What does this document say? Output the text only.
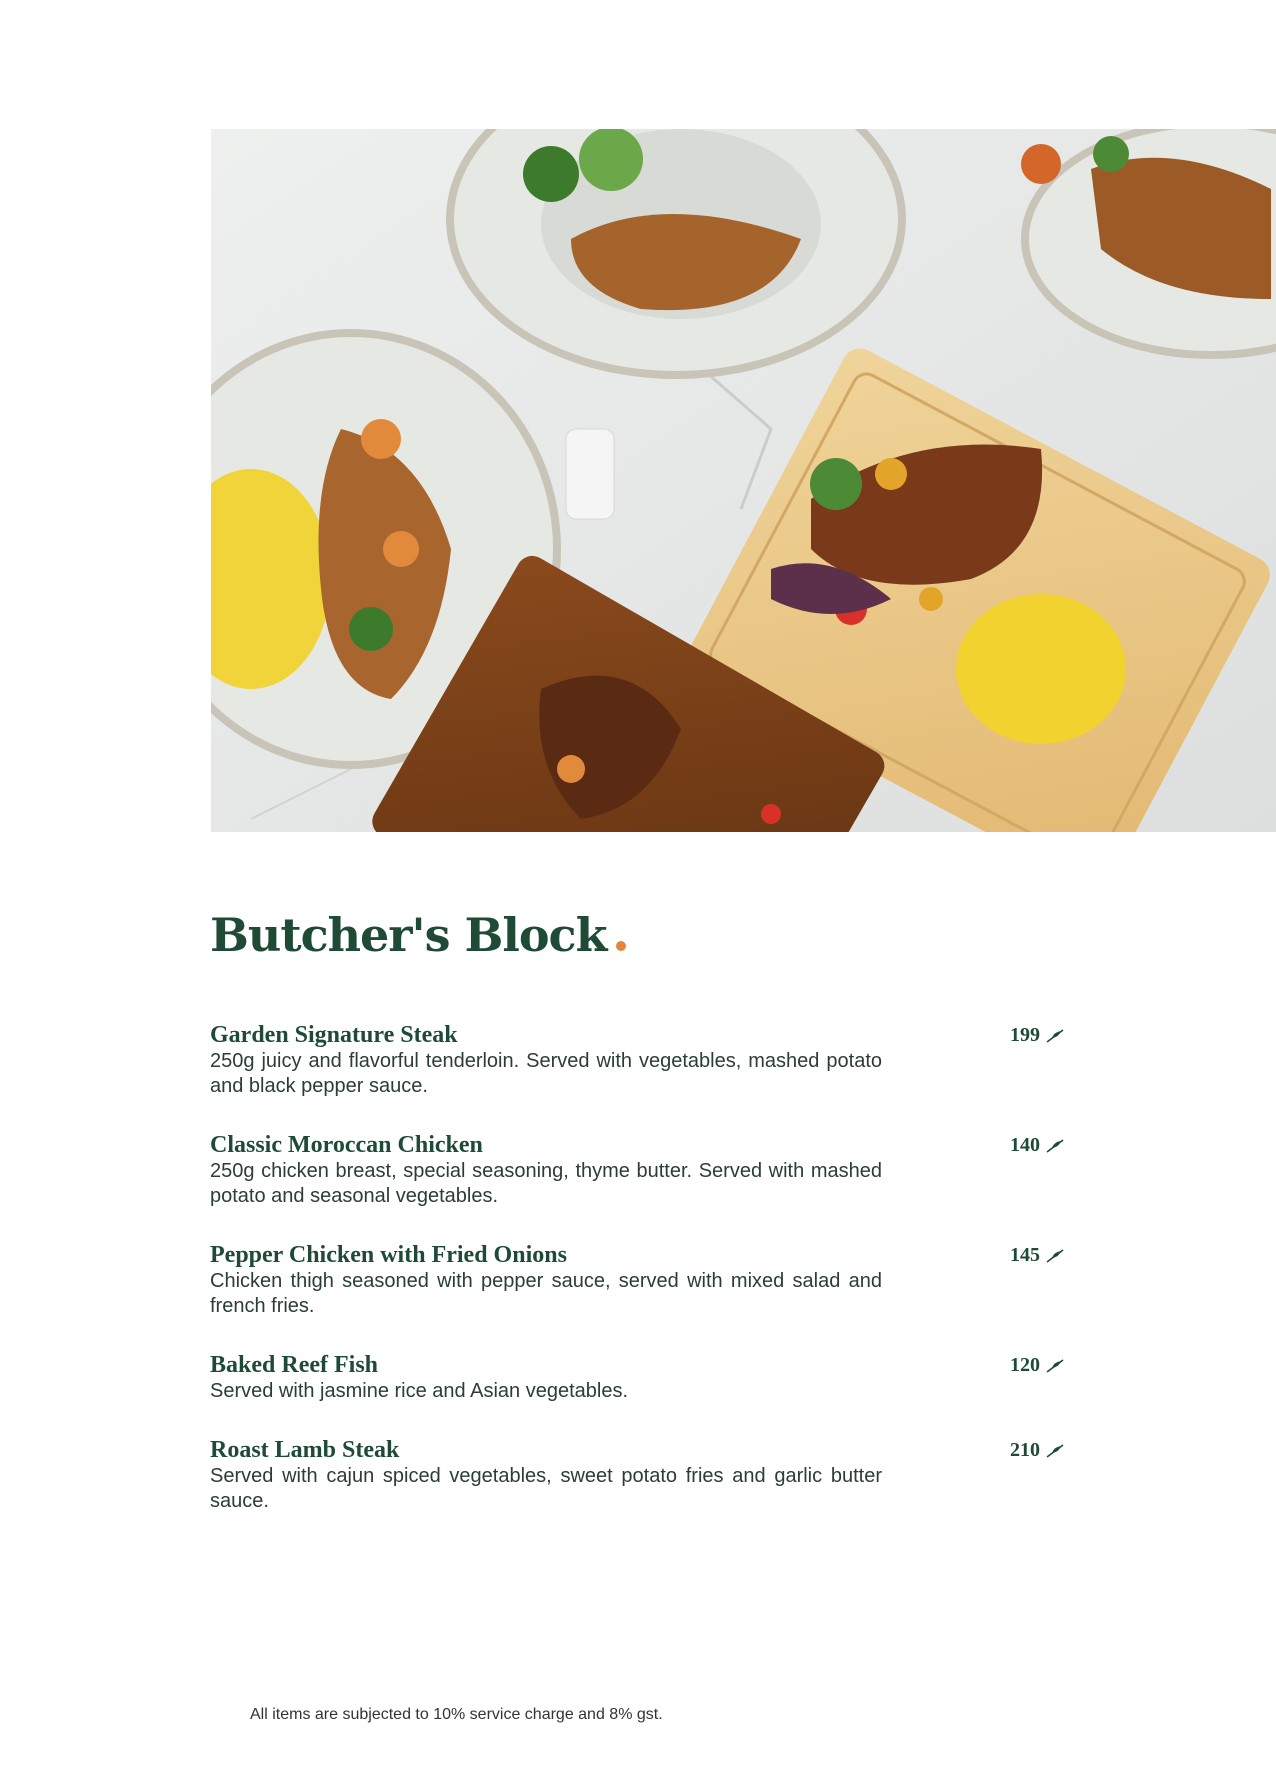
Butcher's Block
Garden Signature Steak
250g juicy and flavorful tenderloin. Served with vegetables, mashed potato and black pepper sauce.
199
Classic Moroccan Chicken
250g chicken breast, special seasoning, thyme butter. Served with mashed potato and seasonal vegetables.
140
Pepper Chicken with Fried Onions
Chicken thigh seasoned with pepper sauce, served with mixed salad and french fries.
145
Baked Reef Fish
Served with jasmine rice and Asian vegetables.
120
Roast Lamb Steak
Served with cajun spiced vegetables, sweet potato fries and garlic butter sauce.
210
All items are subjected to 10% service charge and 8% gst.
